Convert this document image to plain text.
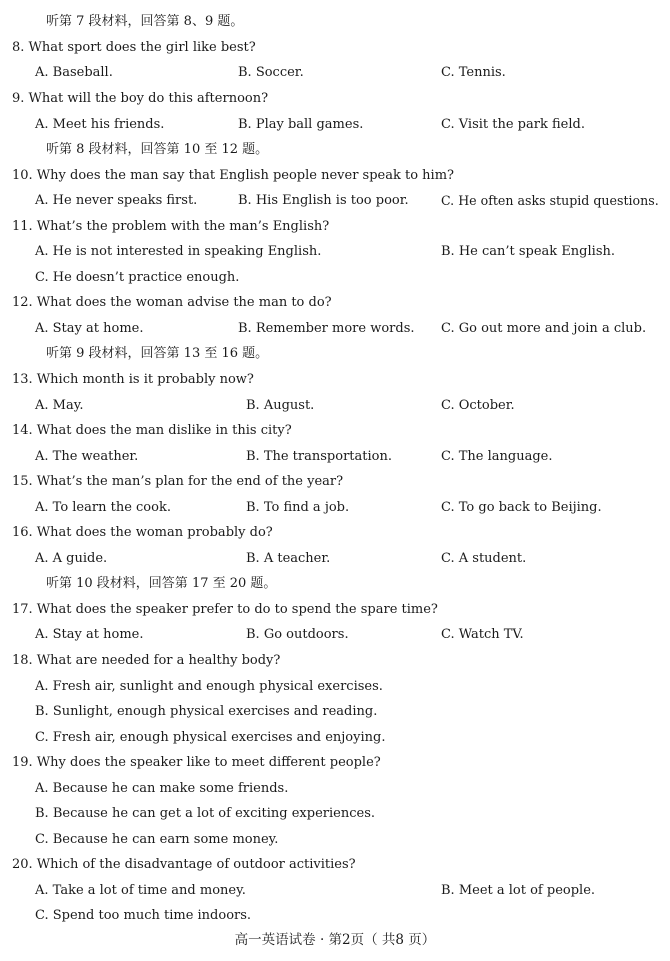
听第 7 段材料，回答第 8、9 题。
8. What sport does the girl like best?
A. Baseball.	B. Soccer.	C. Tennis.
9. What will the boy do this afternoon?
A. Meet his friends.	B. Play ball games.	C. Visit the park field.
听第 8 段材料，回答第 10 至 12 题。
10. Why does the man say that English people never speak to him?
A. He never speaks first.	B. His English is too poor.	C. He often asks stupid questions.
11. What’s the problem with the man’s English?
A. He is not interested in speaking English.	B. He can’t speak English.
C. He doesn’t practice enough.
12. What does the woman advise the man to do?
A. Stay at home.	B. Remember more words. C. Go out more and join a club.
听第 9 段材料，回答第 13 至 16 题。
13. Which month is it probably now?
A. May.	B. August.	C. October.
14. What does the man dislike in this city?
A. The weather.	B. The transportation.	C. The language.
15. What’s the man’s plan for the end of the year?
A. To learn the cook.	B. To find a job.	C. To go back to Beijing.
16. What does the woman probably do?
A. A guide.	B. A teacher.	C. A student.
听第 10 段材料，回答第 17 至 20 题。
17. What does the speaker prefer to do to spend the spare time?
A. Stay at home.	B. Go outdoors.	C. Watch TV.
18. What are needed for a healthy body?
A. Fresh air, sunlight and enough physical exercises.
B. Sunlight, enough physical exercises and reading.
C. Fresh air, enough physical exercises and enjoying.
19. Why does the speaker like to meet different people?
A. Because he can make some friends.
B. Because he can get a lot of exciting experiences.
C. Because he can earn some money.
20. Which of the disadvantage of outdoor activities?
A. Take a lot of time and money.	B. Meet a lot of people.
C. Spend too much time indoors.
高一英语试卷 · 第2页（ 共8 页）
